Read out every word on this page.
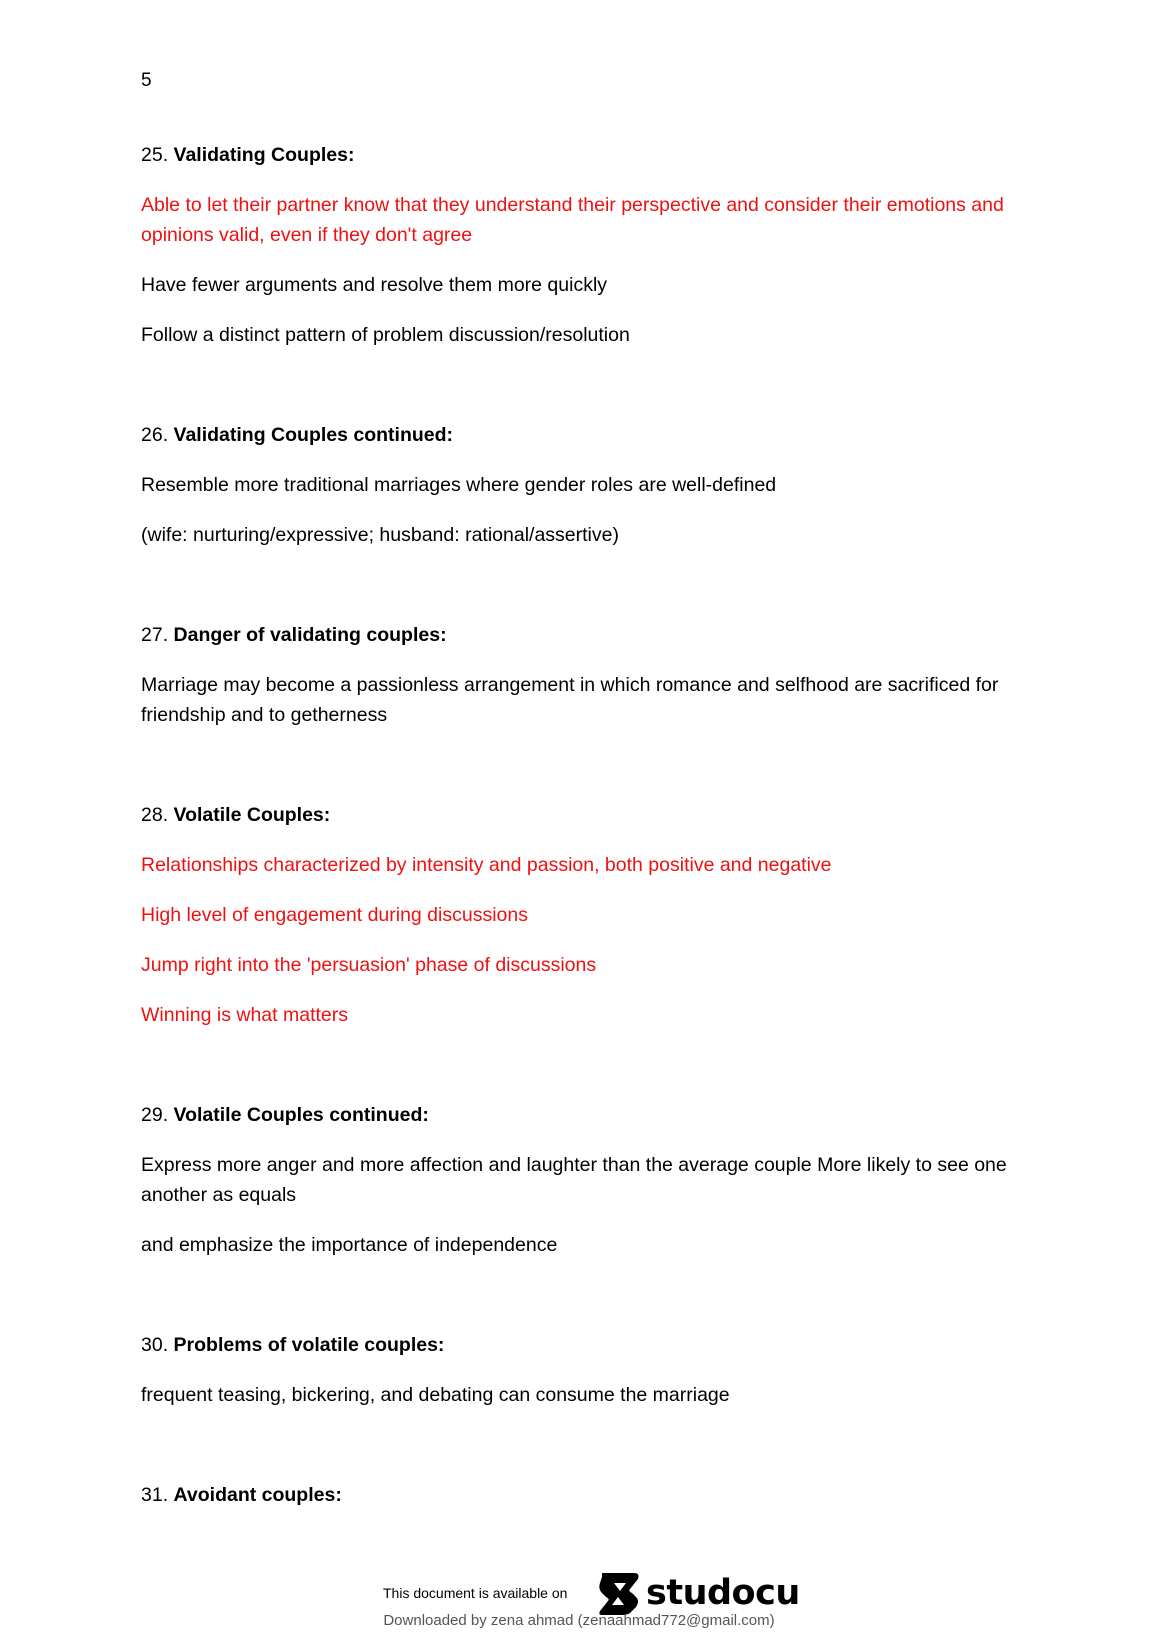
5
25. Validating Couples:
Able to let their partner know that they understand their perspective and consider their emotions and opinions valid, even if they don't agree
Have fewer arguments and resolve them more quickly
Follow a distinct pattern of problem discussion/resolution
26. Validating Couples continued:
Resemble more traditional marriages where gender roles are well-defined
(wife: nurturing/expressive; husband: rational/assertive)
27. Danger of validating couples:
Marriage may become a passionless arrangement in which romance and selfhood are sacrificed for friendship and to getherness
28. Volatile Couples:
Relationships characterized by intensity and passion, both positive and negative
High level of engagement during discussions
Jump right into the 'persuasion' phase of discussions
Winning is what matters
29. Volatile Couples continued:
Express more anger and more affection and laughter than the average couple More likely to see one another as equals
and emphasize the importance of independence
30. Problems of volatile couples:
frequent teasing, bickering, and debating can consume the marriage
31. Avoidant couples:
This document is available on studocu
Downloaded by zena ahmad (zenaahmad772@gmail.com)
